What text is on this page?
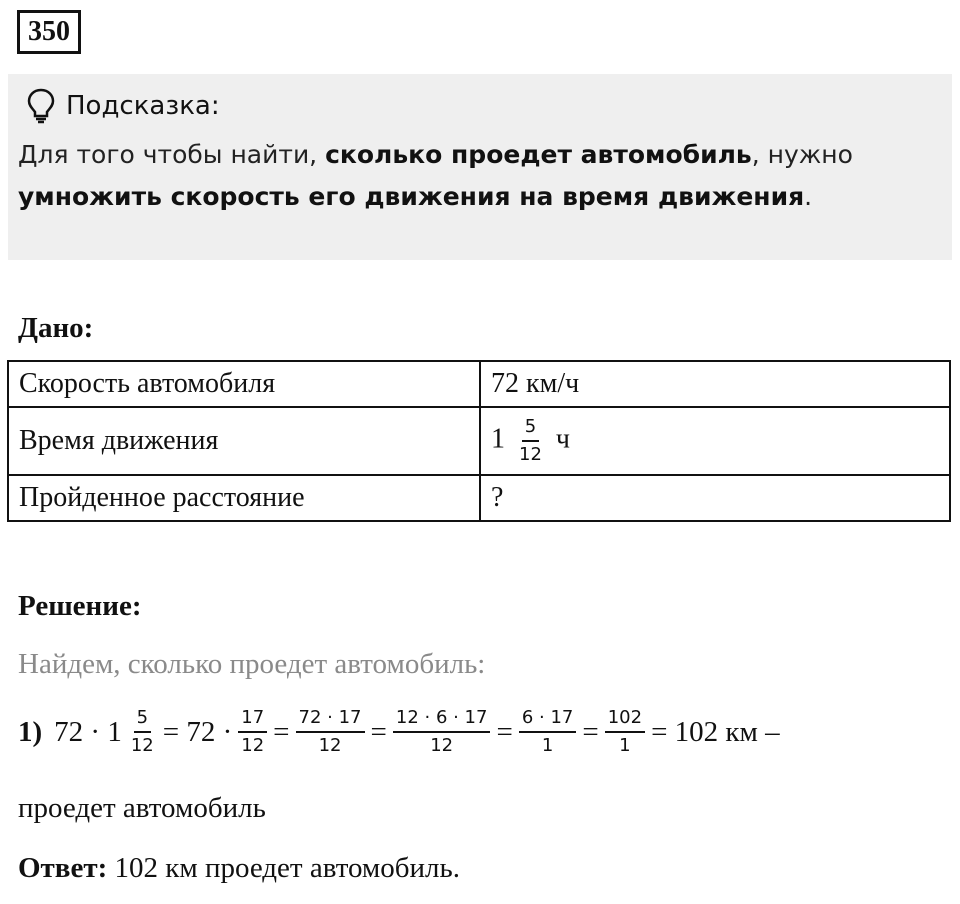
350
Подсказка:
Для того чтобы найти, сколько проедет автомобиль, нужно
умножить скорость его движения на время движения.
Дано:
Скорость автомобиля	72 км/ч
Время движения	$1 \frac{5}{12}$ ч
Пройденное расстояние	?
Решение:
Найдем, сколько проедет автомобиль:
1) $72 \cdot 1 \frac{5}{12} = 72 \cdot \frac{17}{12} = \frac{72 \cdot 17}{12} = \frac{12 \cdot 6 \cdot 17}{12} = \frac{6 \cdot 17}{1} = \frac{102}{1} = 102$ км –
проедет автомобиль
Ответ: 102 км проедет автомобиль.
